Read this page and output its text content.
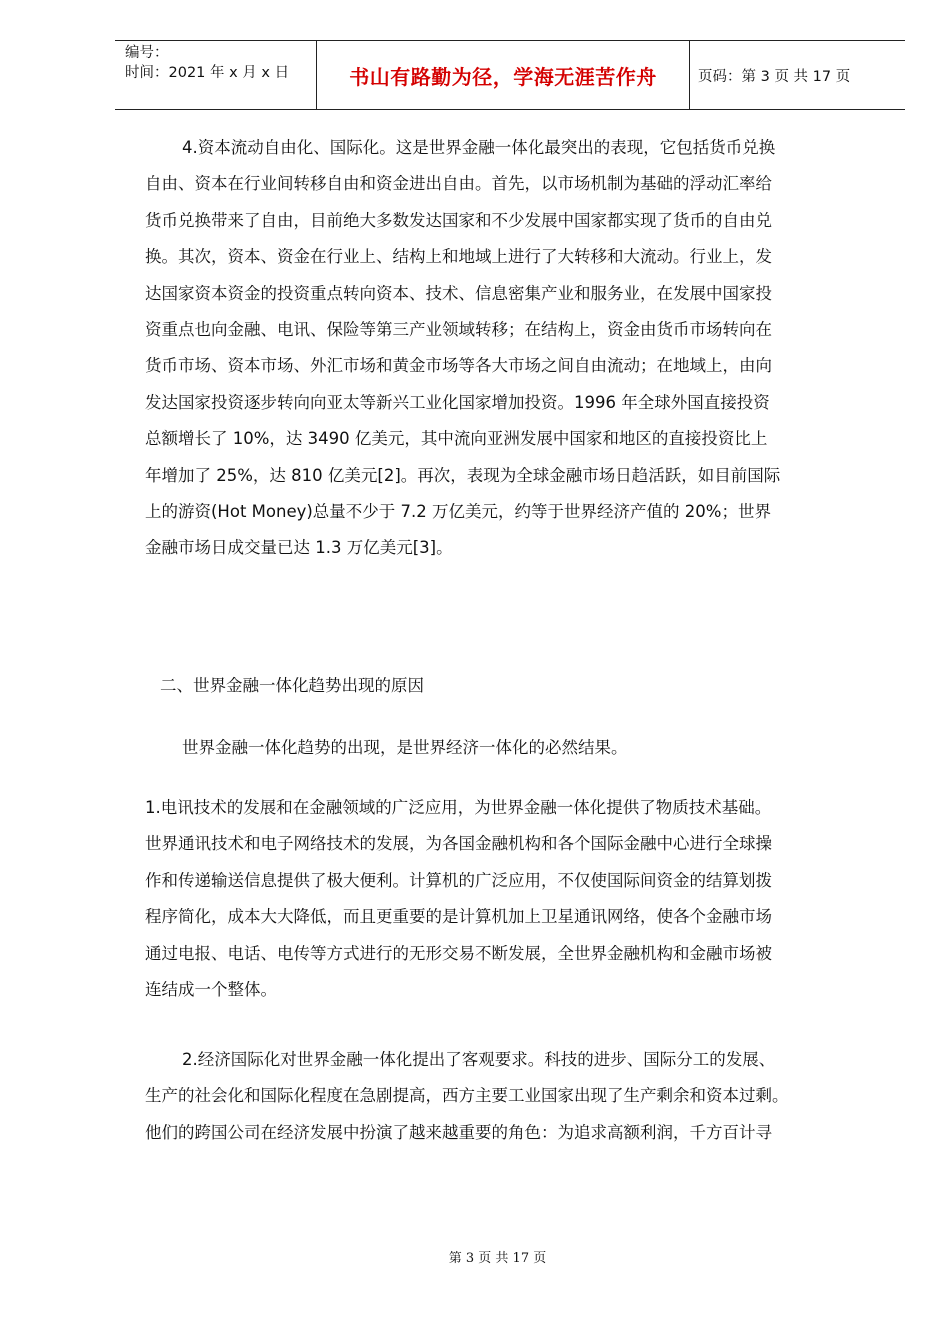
编号：
时间：2021 年 x 月 x 日	书山有路勤为径，学海无涯苦作舟	页码：第 3 页 共 17 页
4.资本流动自由化、国际化。这是世界金融一体化最突出的表现，它包括货币兑换
自由、资本在行业间转移自由和资金进出自由。首先，以市场机制为基础的浮动汇率给
货币兑换带来了自由，目前绝大多数发达国家和不少发展中国家都实现了货币的自由兑
换。其次，资本、资金在行业上、结构上和地域上进行了大转移和大流动。行业上，发
达国家资本资金的投资重点转向资本、技术、信息密集产业和服务业，在发展中国家投
资重点也向金融、电讯、保险等第三产业领域转移；在结构上，资金由货币市场转向在
货币市场、资本市场、外汇市场和黄金市场等各大市场之间自由流动；在地域上，由向
发达国家投资逐步转向向亚太等新兴工业化国家增加投资。1996 年全球外国直接投资
总额增长了 10%，达 3490 亿美元，其中流向亚洲发展中国家和地区的直接投资比上
年增加了 25%，达 810 亿美元[2]。再次，表现为全球金融市场日趋活跃，如目前国际
上的游资(Hot Money)总量不少于 7.2 万亿美元，约等于世界经济产值的 20%；世界
金融市场日成交量已达 1.3 万亿美元[3]。
二、世界金融一体化趋势出现的原因
世界金融一体化趋势的出现，是世界经济一体化的必然结果。
1.电讯技术的发展和在金融领域的广泛应用，为世界金融一体化提供了物质技术基础。
世界通讯技术和电子网络技术的发展，为各国金融机构和各个国际金融中心进行全球操
作和传递输送信息提供了极大便利。计算机的广泛应用，不仅使国际间资金的结算划拨
程序简化，成本大大降低，而且更重要的是计算机加上卫星通讯网络，使各个金融市场
通过电报、电话、电传等方式进行的无形交易不断发展，全世界金融机构和金融市场被
连结成一个整体。
2.经济国际化对世界金融一体化提出了客观要求。科技的进步、国际分工的发展、
生产的社会化和国际化程度在急剧提高，西方主要工业国家出现了生产剩余和资本过剩。
他们的跨国公司在经济发展中扮演了越来越重要的角色：为追求高额利润，千方百计寻
第 3 页 共 17 页
